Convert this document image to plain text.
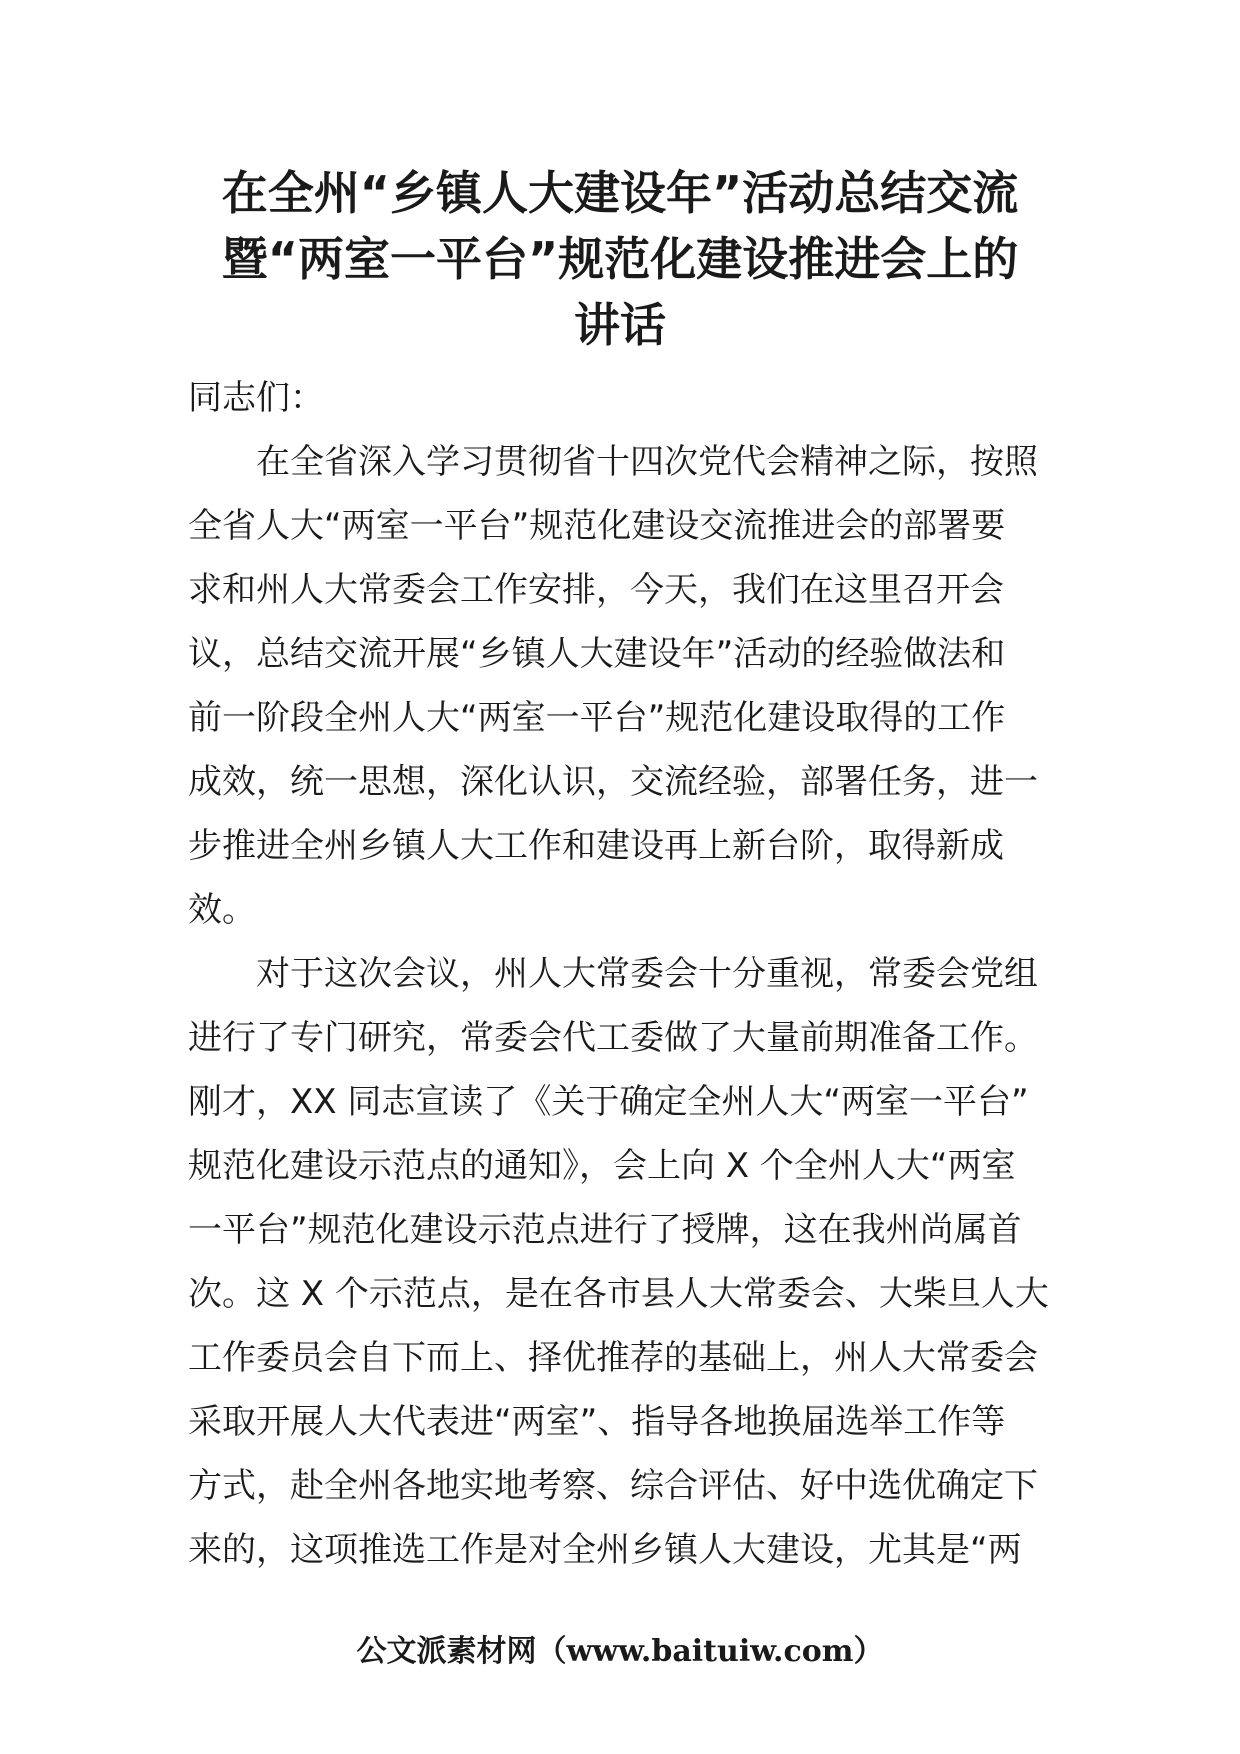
在全州“乡镇人大建设年”活动总结交流
暨“两室一平台”规范化建设推进会上的
讲话
同志们：
在全省深入学习贯彻省十四次党代会精神之际，按照
全省人大“两室一平台”规范化建设交流推进会的部署要
求和州人大常委会工作安排，今天，我们在这里召开会
议，总结交流开展“乡镇人大建设年”活动的经验做法和
前一阶段全州人大“两室一平台”规范化建设取得的工作
成效，统一思想，深化认识，交流经验，部署任务，进一
步推进全州乡镇人大工作和建设再上新台阶，取得新成
效。
对于这次会议，州人大常委会十分重视，常委会党组
进行了专门研究，常委会代工委做了大量前期准备工作。
刚才，XX 同志宣读了《关于确定全州人大“两室一平台”
规范化建设示范点的通知》，会上向 X 个全州人大“两室
一平台”规范化建设示范点进行了授牌，这在我州尚属首
次。这 X 个示范点，是在各市县人大常委会、大柴旦人大
工作委员会自下而上、择优推荐的基础上，州人大常委会
采取开展人大代表进“两室”、指导各地换届选举工作等
方式，赴全州各地实地考察、综合评估、好中选优确定下
来的，这项推选工作是对全州乡镇人大建设，尤其是“两
公文派素材网（www.baituiw.com）
